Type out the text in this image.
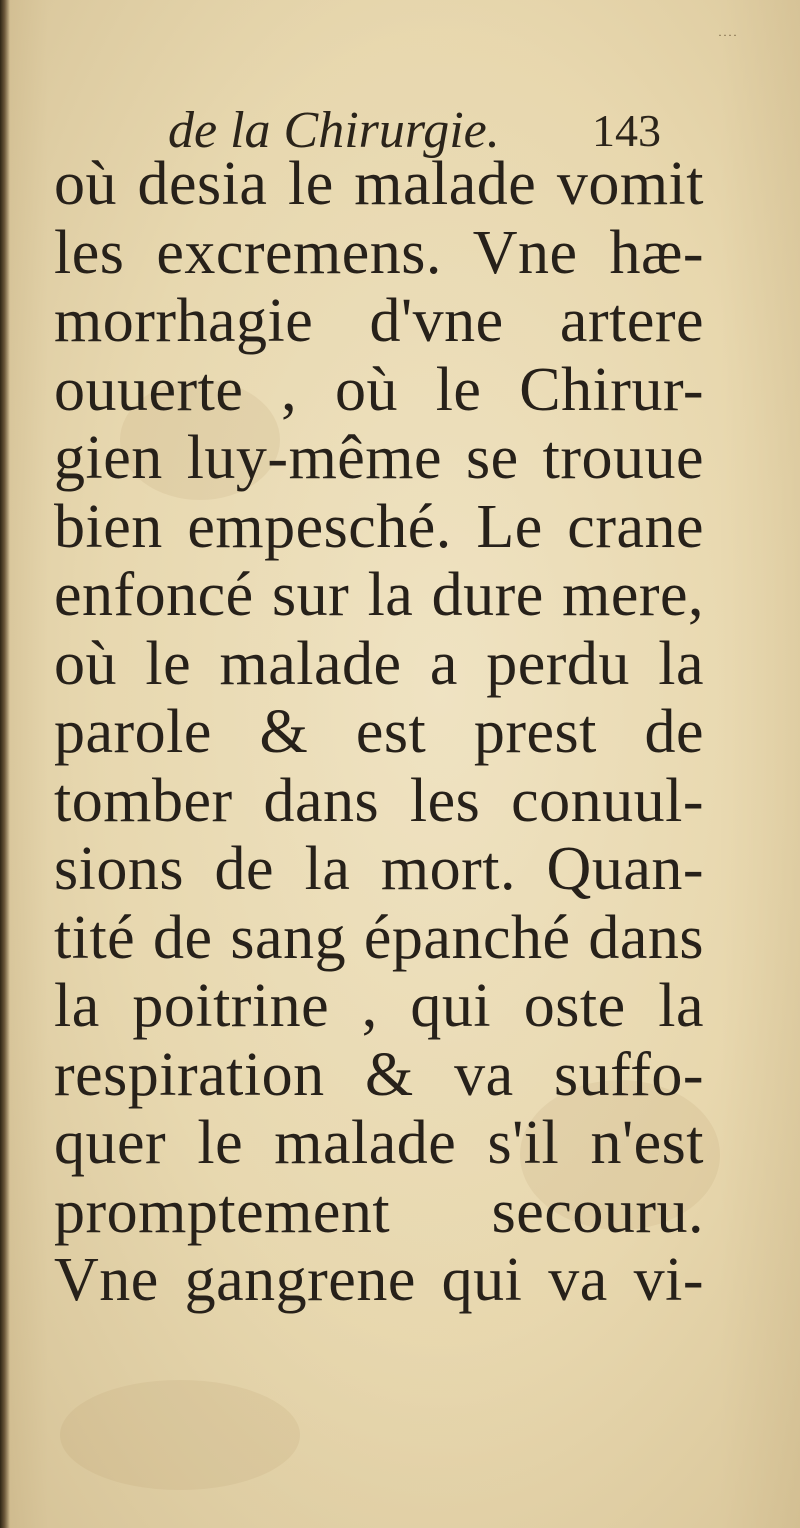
····
de la Chirurgie. 143
où desia le malade vomit
les excremens. Vne hæ-
morrhagie d'vne artere
ouuerte , où le Chirur-
gien luy-même se trouue
bien empesché. Le crane
enfoncé sur la dure mere,
où le malade a perdu la
parole & est prest de
tomber dans les conuul-
sions de la mort. Quan-
tité de sang épanché dans
la poitrine , qui oste la
respiration & va suffo-
quer le malade s'il n'est
promptement secouru.
Vne gangrene qui va vi-
